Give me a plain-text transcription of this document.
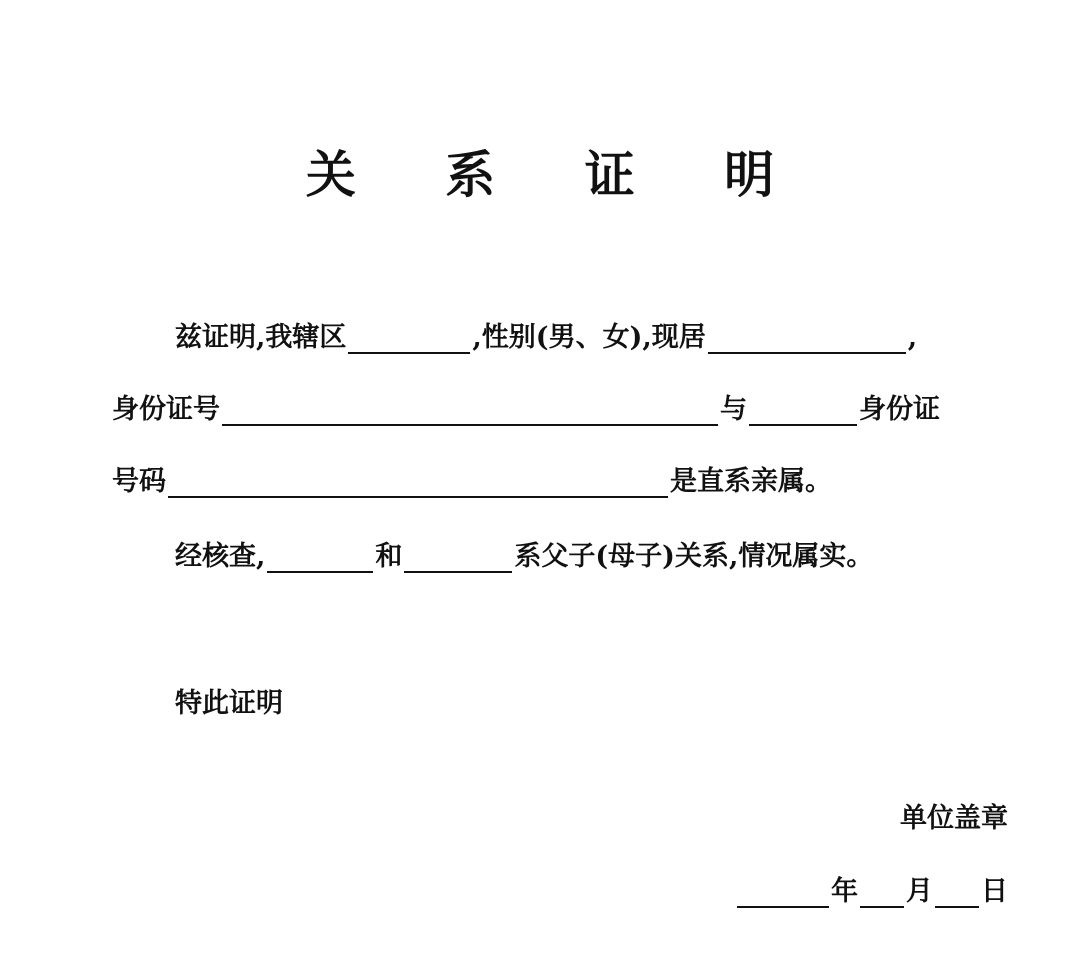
关 系 证 明
兹证明,我辖区	,性别(男、女),现居	,
身份证号	与	身份证
号码	是直系亲属。
经核查,	和	系父子(母子)关系,情况属实。
特此证明
单位盖章
年 月 日
